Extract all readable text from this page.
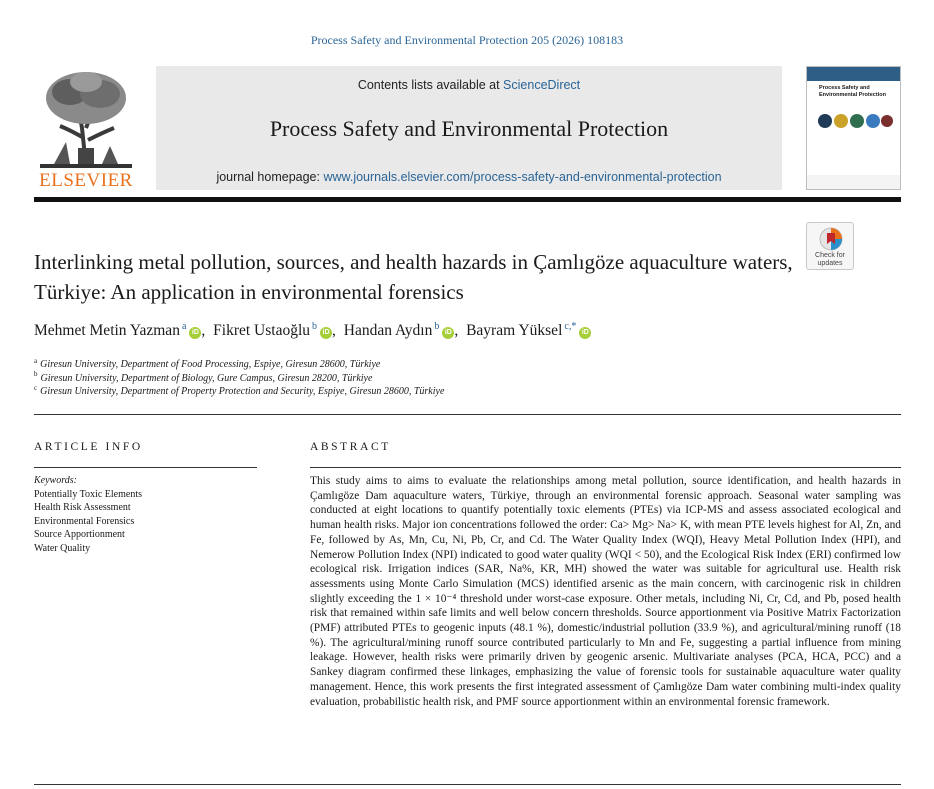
Process Safety and Environmental Protection 205 (2026) 108183
ELSEVIER
Contents lists available at ScienceDirect
Process Safety and Environmental Protection
journal homepage: www.journals.elsevier.com/process-safety-and-environmental-protection
Process Safety and Environmental Protection
Check for updates
Interlinking metal pollution, sources, and health hazards in Çamlıgöze aquaculture waters, Türkiye: An application in environmental forensics
Mehmet Metin Yazman $^a$iD , Fikret Ustaoğlu $^b$iD , Handan Aydın $^b$iD , Bayram Yüksel $^{c,*}$iD
$^a$ Giresun University, Department of Food Processing, Espiye, Giresun 28600, Türkiye
$^b$ Giresun University, Department of Biology, Gure Campus, Giresun 28200, Türkiye
$^c$ Giresun University, Department of Property Protection and Security, Espiye, Giresun 28600, Türkiye
ARTICLE INFO	ABSTRACT
Keywords:
Potentially Toxic Elements
Health Risk Assessment
Environmental Forensics
Source Apportionment
Water Quality

This study aims to aims to evaluate the relationships among metal pollution, source identification, and health hazards in Çamlıgöze Dam aquaculture waters, Türkiye, through an environmental forensic approach. Seasonal water sampling was conducted at eight locations to quantify potentially toxic elements (PTEs) via ICP-MS and assess associated ecological and human health risks. Major ion concentrations followed the order: Ca> Mg> Na> K, with mean PTE levels highest for Al, Zn, and Fe, followed by As, Mn, Cu, Ni, Pb, Cr, and Cd. The Water Quality Index (WQI), Heavy Metal Pollution Index (HPI), and Nemerow Pollution Index (NPI) indicated to good water quality (WQI < 50), and the Ecological Risk Index (ERI) confirmed low ecological risk. Irrigation indices (SAR, Na%, KR, MH) showed the water was suitable for agricultural use. Health risk assessments using Monte Carlo Simulation (MCS) identified arsenic as the main concern, with carcinogenic risk in children slightly exceeding the 1 × 10⁻⁴ threshold under worst-case exposure. Other metals, including Ni, Cr, Cd, and Pb, posed health risk that remained within safe limits and well below concern thresholds. Source apportionment via Positive Matrix Factorization (PMF) attributed PTEs to geogenic inputs (48.1 %), domestic/industrial pollution (33.9 %), and agricultural/mining runoff (18 %). The agricultural/mining runoff source contributed particularly to Mn and Fe, suggesting a partial influence from mining leakage. However, health risks were primarily driven by geogenic arsenic. Multivariate analyses (PCA, HCA, PCC) and a Sankey diagram confirmed these linkages, emphasizing the value of forensic tools for sustainable aquaculture water quality management. Hence, this work presents the first integrated assessment of Çamlıgöze Dam water combining multi-index quality evaluation, probabilistic health risk, and PMF source apportionment within an environmental forensic framework.
